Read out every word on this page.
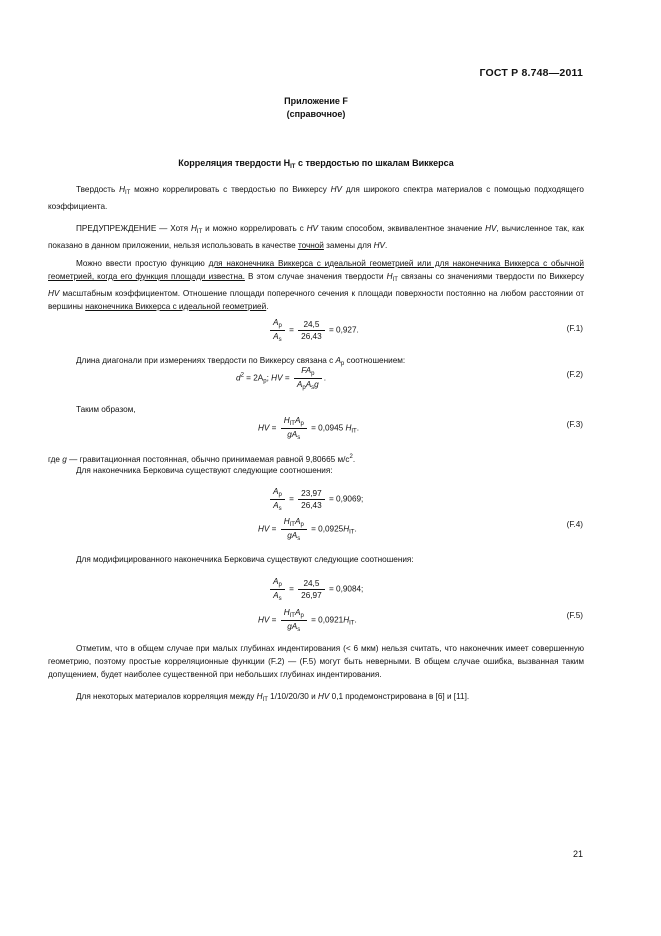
ГОСТ Р 8.748—2011
Приложение F
(справочное)
Корреляция твердости $H_{IT}$ с твердостью по шкалам Виккерса
Твердость $H_{IT}$ можно коррелировать с твердостью по Виккерсу HV для широкого спектра материалов с помощью подходящего коэффициента.
ПРЕДУПРЕЖДЕНИЕ — Хотя $H_{IT}$ и можно коррелировать с HV таким способом, эквивалентное значение HV, вычисленное так, как показано в данном приложении, нельзя использовать в качестве точной замены для HV.
Можно ввести простую функцию для наконечника Виккерса с идеальной геометрией или для наконечника Виккерса с обычной геометрией, когда его функция площади известна. В этом случае значения твердости $H_{IT}$ связаны со значениями твердости по Виккерсу HV масштабным коэффициентом. Отношение площади поперечного сечения к площади поверхности постоянно на любом расстоянии от вершины наконечника Виккерса с идеальной геометрией.
$\frac{A_p}{A_s} = \frac{24,5}{26,43} = 0,927$.	(F.1)
Длина диагонали при измерениях твердости по Виккерсу связана с $A_p$ соотношением:
$d^2 = 2A_p$; HV = $\frac{FA_p}{A_pA_sg}$ .	(F.2)
Таким образом,
HV = $\frac{H_{IT}A_p}{gA_s} = 0,0945$ $H_{IT}$.	(F.3)
где g — гравитационная постоянная, обычно принимаемая равной 9,80665 $м/с^2$.
Для наконечника Берковича существуют следующие соотношения:
$\frac{A_p}{A_s} = \frac{23,97}{26,43} = 0,9069$;
HV = $\frac{H_{IT}A_p}{gA_s} = 0,0925H_{IT}$.
(F.4)
Для модифицированного наконечника Берковича существуют следующие соотношения:
$\frac{A_p}{A_s} = \frac{24,5}{26,97} = 0,9084$;
HV = $\frac{H_{IT}A_p}{gA_s} = 0,0921H_{IT}$.
(F.5)
Отметим, что в общем случае при малых глубинах индентирования (< 6 мкм) нельзя считать, что наконечник имеет совершенную геометрию, поэтому простые корреляционные функции (F.2) — (F.5) могут быть неверными. В общем случае ошибка, вызванная таким допущением, будет наиболее существенной при небольших глубинах индентирования.
Для некоторых материалов корреляция между $H_{IT}$ 1/10/20/30 и HV 0,1 продемонстрирована в [6] и [11].
21
